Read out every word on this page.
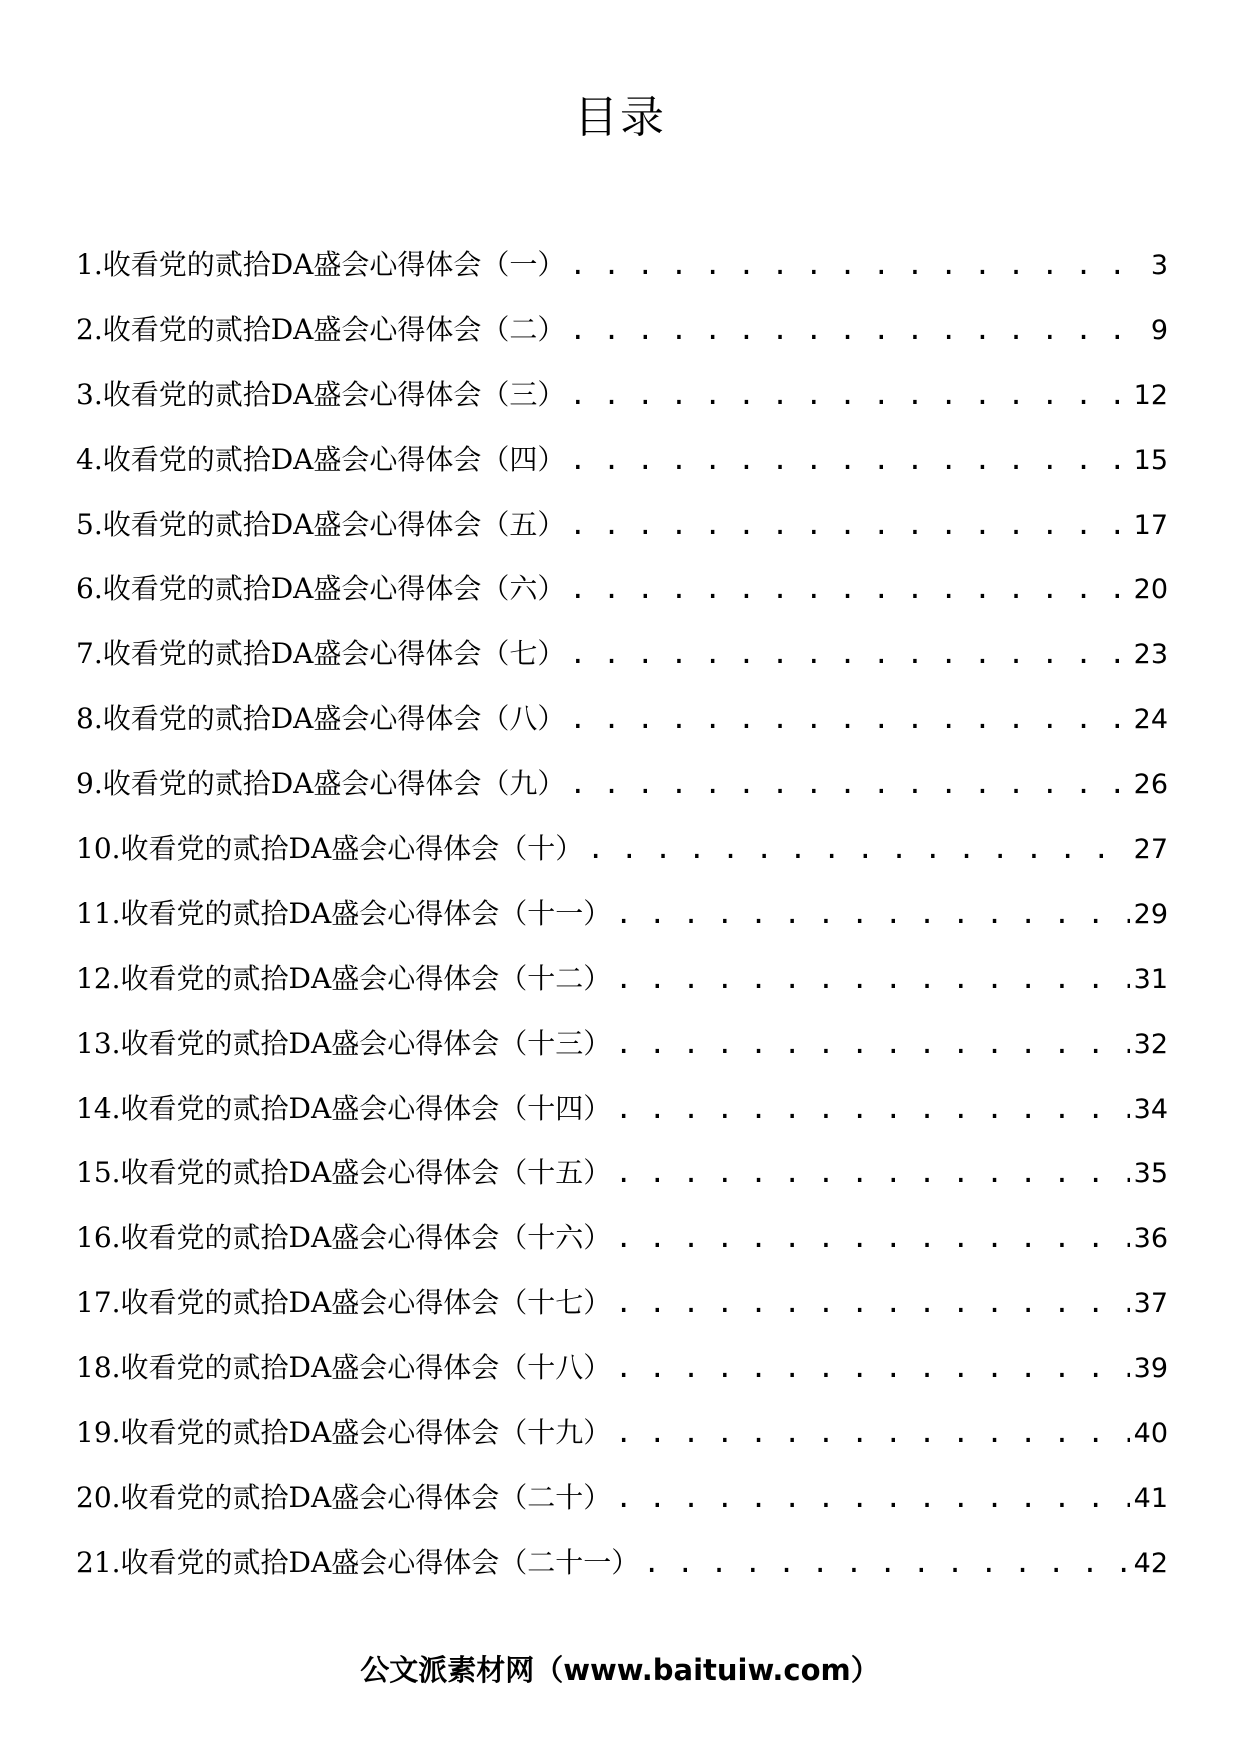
目录
1.收看党的贰拾DA盛会心得体会（一） . . .	3
2.收看党的贰拾DA盛会心得体会（二） . . .	9
3.收看党的贰拾DA盛会心得体会（三） . . .	12
4.收看党的贰拾DA盛会心得体会（四） . . .	15
5.收看党的贰拾DA盛会心得体会（五） . . .	17
6.收看党的贰拾DA盛会心得体会（六） . . .	20
7.收看党的贰拾DA盛会心得体会（七） . . .	23
8.收看党的贰拾DA盛会心得体会（八） . . .	24
9.收看党的贰拾DA盛会心得体会（九） . . .	26
10.收看党的贰拾DA盛会心得体会（十） . . .	27
11.收看党的贰拾DA盛会心得体会（十一） . . .	29
12.收看党的贰拾DA盛会心得体会（十二） . . .	31
13.收看党的贰拾DA盛会心得体会（十三） . . .	32
14.收看党的贰拾DA盛会心得体会（十四） . . .	34
15.收看党的贰拾DA盛会心得体会（十五） . . .	35
16.收看党的贰拾DA盛会心得体会（十六） . . .	36
17.收看党的贰拾DA盛会心得体会（十七） . . .	37
18.收看党的贰拾DA盛会心得体会（十八） . . .	39
19.收看党的贰拾DA盛会心得体会（十九） . . .	40
20.收看党的贰拾DA盛会心得体会（二十） . . .	41
21.收看党的贰拾DA盛会心得体会（二十一） . . .	42
公文派素材网（www.baituiw.com）
